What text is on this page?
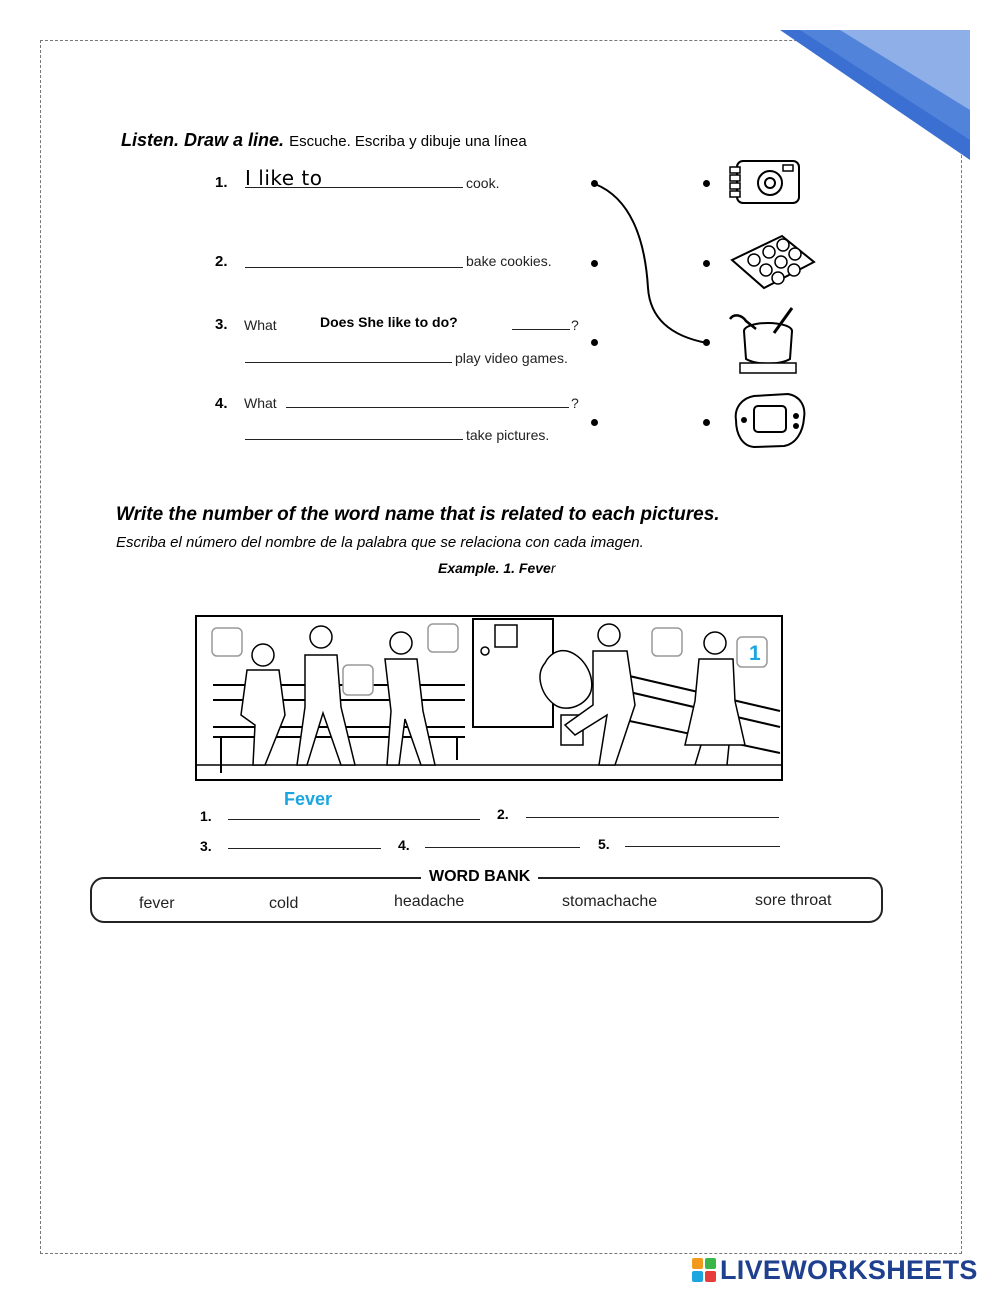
Listen. Draw a line. Escuche. Escriba y dibuje una línea
1. I like to	cook.
2.	bake cookies.
3. What	Does She like to do?	?
play video games.
4. What	?
take pictures.
Write the number of the word name that is related to each pictures.
Escriba el número del nombre de la palabra que se relaciona con cada imagen.
Example. 1. Fever
1
Fever
1.	2.
3.	4.	5.
WORD BANK
fever	cold	headache	stomachache	sore throat
LIVEWORKSHEETS
